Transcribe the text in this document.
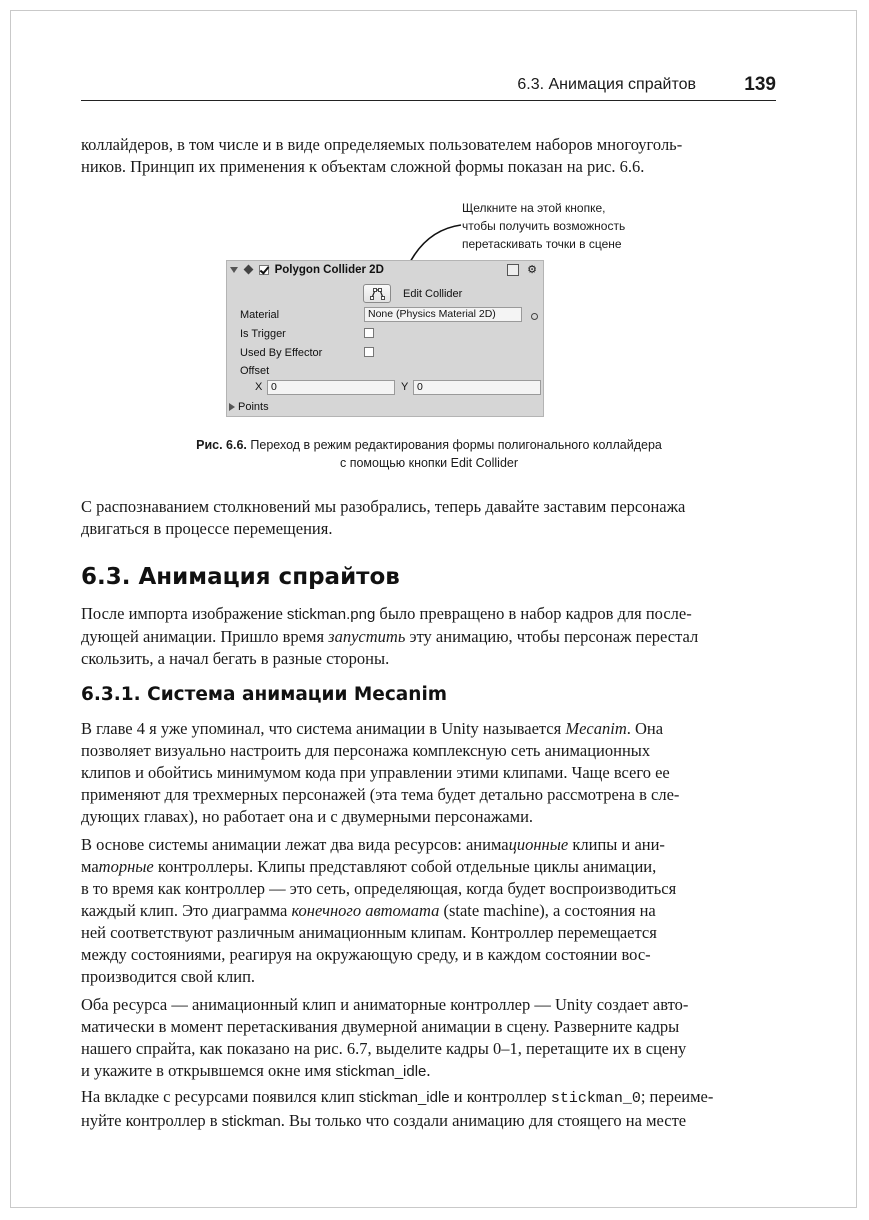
6.3. Анимация спрайтов	139
коллайдеров, в том числе и в виде определяемых пользователем наборов многоуголь-
ников. Принцип их применения к объектам сложной формы показан на рис. 6.6.
Щелкните на этой кнопке,
чтобы получить возможность
перетаскивать точки в сцене
Polygon Collider 2D	⚙
Edit Collider
Material	None (Physics Material 2D)
Is Trigger
Used By Effector
Offset
X 0	Y 0
Points
Рис. 6.6. Переход в режим редактирования формы полигонального коллайдера
с помощью кнопки Edit Collider
С распознаванием столкновений мы разобрались, теперь давайте заставим персонажа
двигаться в процессе перемещения.
6.3. Анимация спрайтов
После импорта изображение stickman.png было превращено в набор кадров для после-
дующей анимации. Пришло время запустить эту анимацию, чтобы персонаж перестал
скользить, а начал бегать в разные стороны.
6.3.1. Система анимации Mecanim
В главе 4 я уже упоминал, что система анимации в Unity называется Mecanim. Она
позволяет визуально настроить для персонажа комплексную сеть анимационных
клипов и обойтись минимумом кода при управлении этими клипами. Чаще всего ее
применяют для трехмерных персонажей (эта тема будет детально рассмотрена в сле-
дующих главах), но работает она и с двумерными персонажами.
В основе системы анимации лежат два вида ресурсов: анимационные клипы и ани-
маторные контроллеры. Клипы представляют собой отдельные циклы анимации,
в то время как контроллер — это сеть, определяющая, когда будет воспроизводиться
каждый клип. Это диаграмма конечного автомата (state machine), а состояния на
ней соответствуют различным анимационным клипам. Контроллер перемещается
между состояниями, реагируя на окружающую среду, и в каждом состоянии вос-
производится свой клип.
Оба ресурса — анимационный клип и аниматорные контроллер — Unity создает авто-
матически в момент перетаскивания двумерной анимации в сцену. Разверните кадры
нашего спрайта, как показано на рис. 6.7, выделите кадры 0–1, перетащите их в сцену
и укажите в открывшемся окне имя stickman_idle.
На вкладке с ресурсами появился клип stickman_idle и контроллер stickman_0; переиме-
нуйте контроллер в stickman. Вы только что создали анимацию для стоящего на месте
